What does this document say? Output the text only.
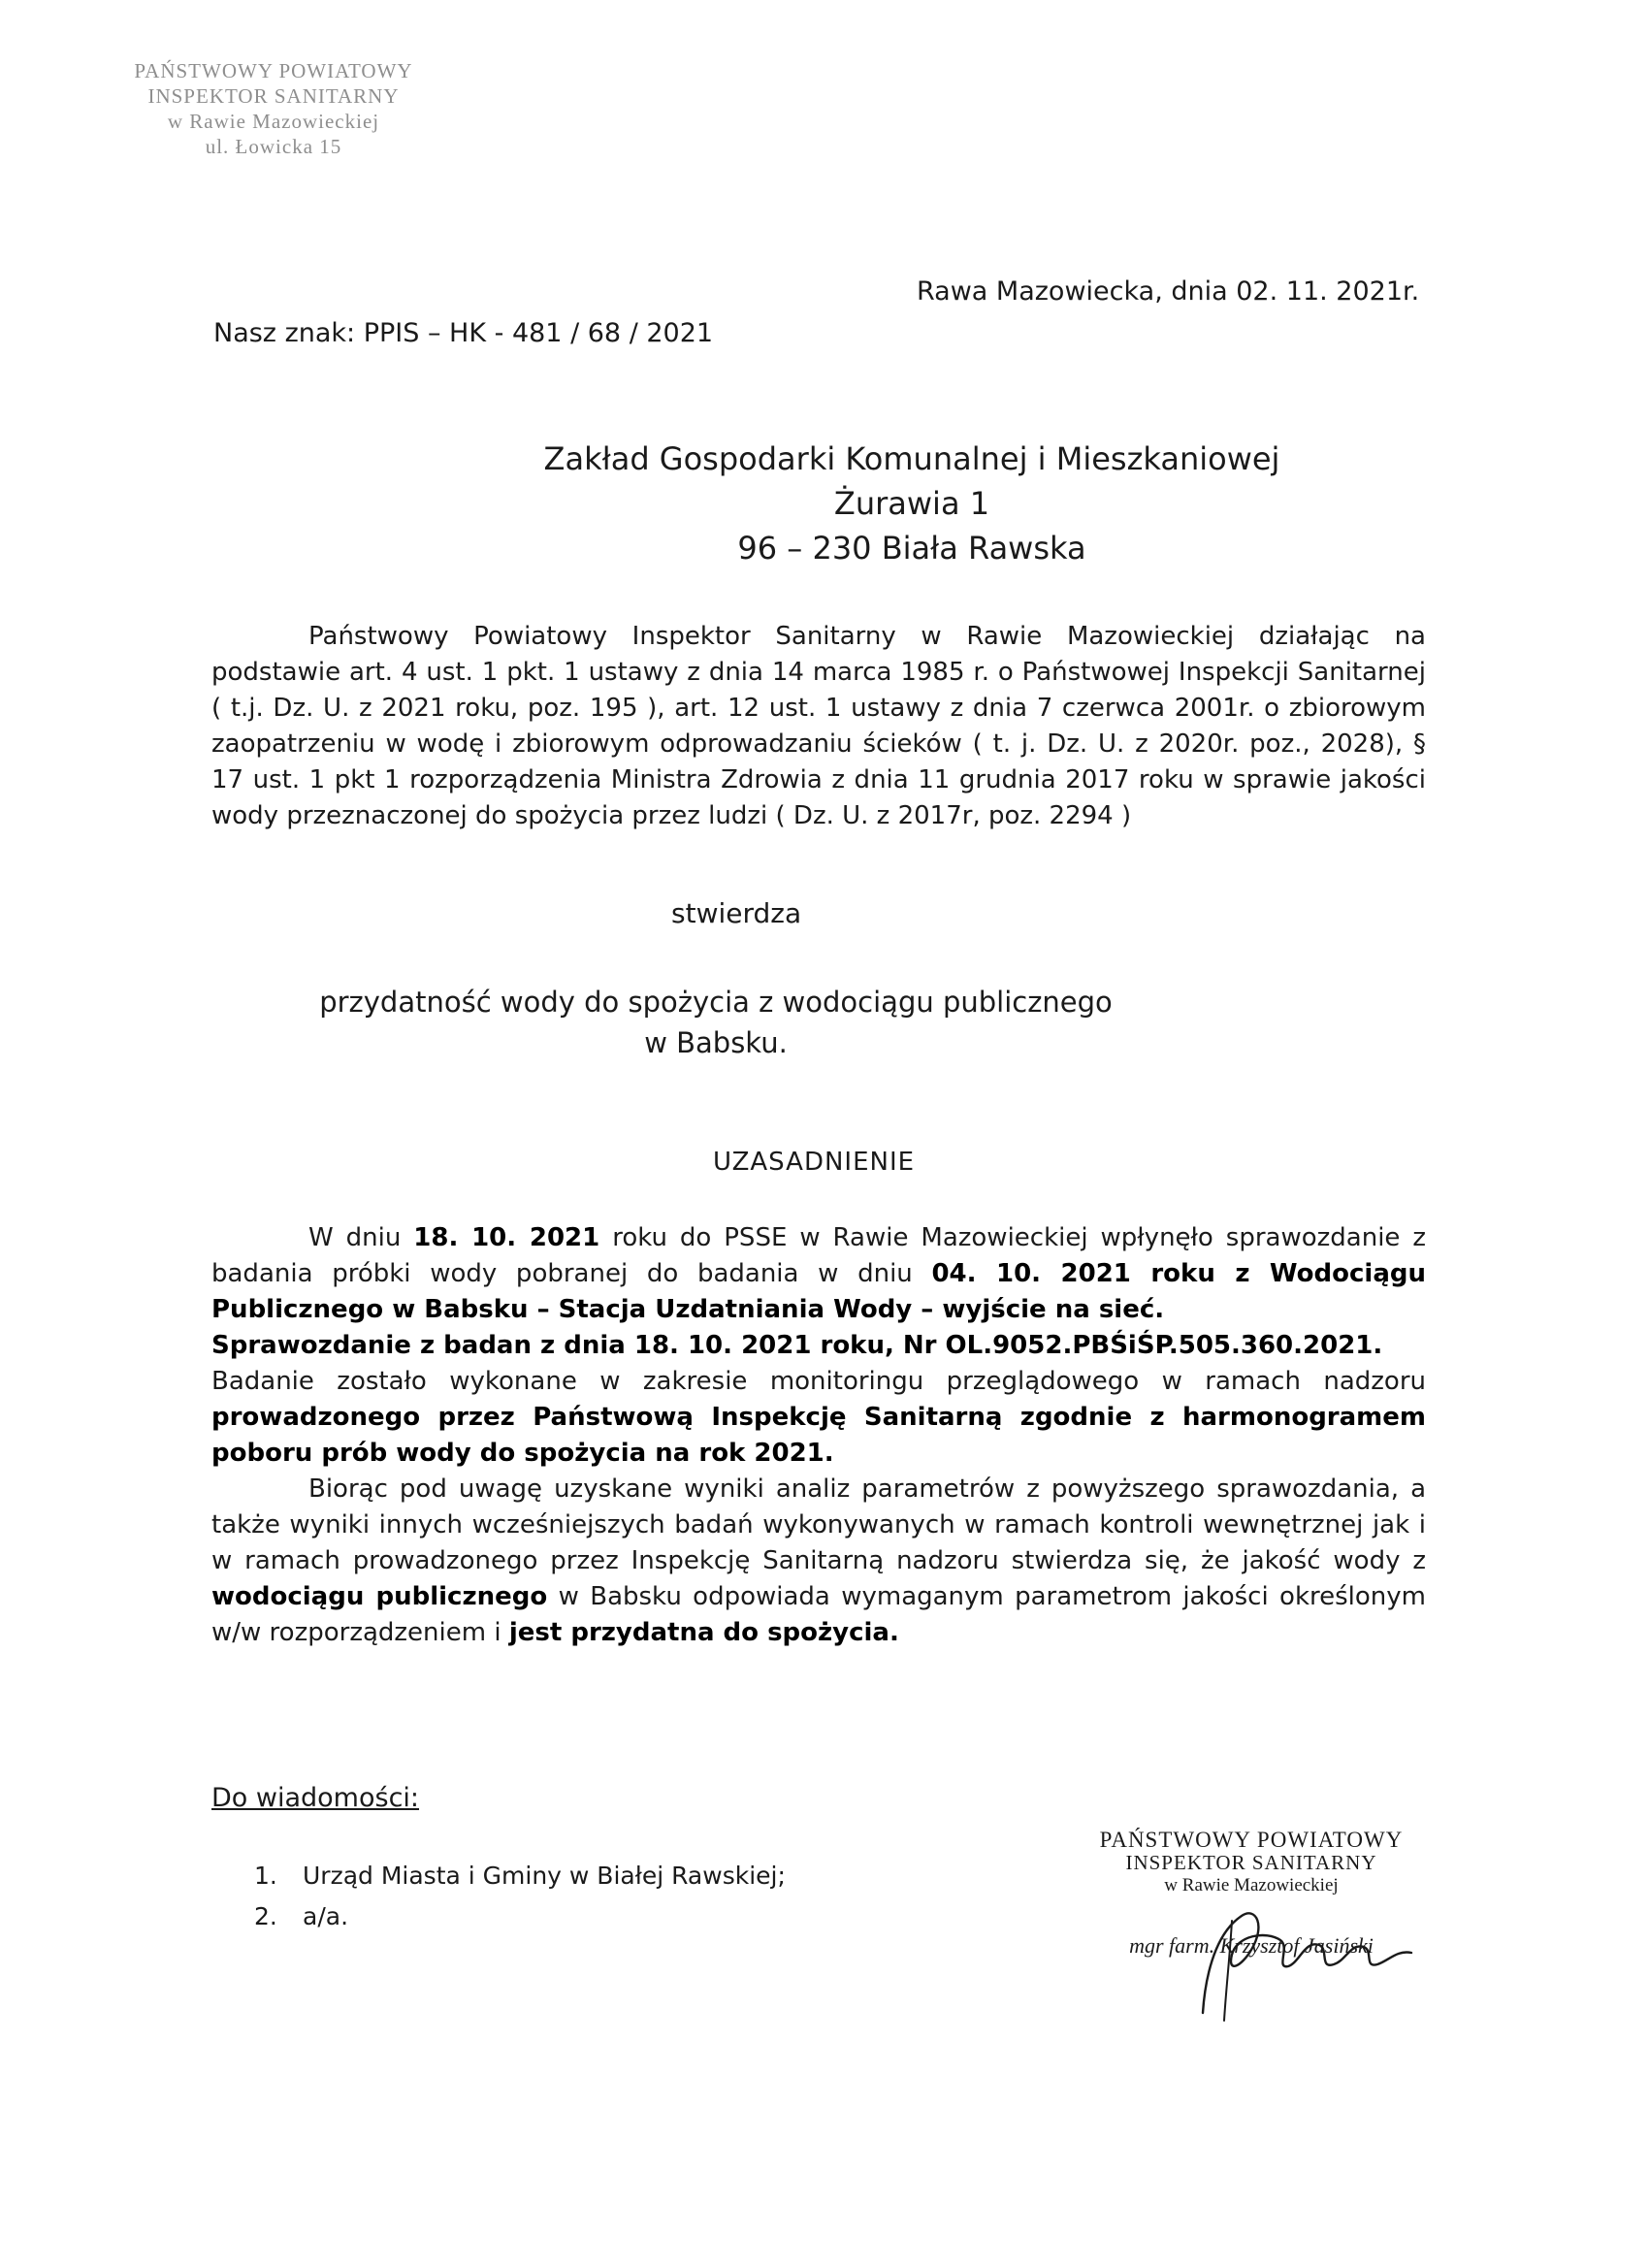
PAŃSTWOWY POWIATOWY
INSPEKTOR SANITARNY
w Rawie Mazowieckiej
ul. Łowicka 15
Rawa Mazowiecka, dnia 02. 11. 2021r.
Nasz znak: PPIS – HK - 481 / 68 / 2021
Zakład Gospodarki Komunalnej i Mieszkaniowej
Żurawia 1
96 – 230 Biała Rawska

Państwowy Powiatowy Inspektor Sanitarny w Rawie Mazowieckiej działając na podstawie art. 4 ust. 1 pkt. 1 ustawy z dnia 14 marca 1985 r. o Państwowej Inspekcji Sanitarnej ( t.j. Dz. U. z 2021 roku, poz. 195 ), art. 12 ust. 1 ustawy z dnia 7 czerwca 2001r. o zbiorowym zaopatrzeniu w wodę i zbiorowym odprowadzaniu ścieków ( t. j. Dz. U. z 2020r. poz., 2028), § 17 ust. 1 pkt 1 rozporządzenia Ministra Zdrowia z dnia 11 grudnia 2017 roku w sprawie jakości wody przeznaczonej do spożycia przez ludzi ( Dz. U. z 2017r, poz. 2294 )

stwierdza
przydatność wody do spożycia z wodociągu publicznego
w Babsku.
UZASADNIENIE

W dniu 18. 10. 2021 roku do PSSE w Rawie Mazowieckiej wpłynęło sprawozdanie z badania próbki wody pobranej do badania w dniu 04. 10. 2021 roku z Wodociągu Publicznego w Babsku – Stacja Uzdatniania Wody – wyjście na sieć.

Sprawozdanie z badan z dnia 18. 10. 2021 roku, Nr OL.9052.PBŚiŚP.505.360.2021.

Badanie zostało wykonane w zakresie monitoringu przeglądowego w ramach nadzoru prowadzonego przez Państwową Inspekcję Sanitarną zgodnie z harmonogramem poboru prób wody do spożycia na rok 2021.

Biorąc pod uwagę uzyskane wyniki analiz parametrów z powyższego sprawozdania, a także wyniki innych wcześniejszych badań wykonywanych w ramach kontroli wewnętrznej jak i w ramach prowadzonego przez Inspekcję Sanitarną nadzoru stwierdza się, że jakość wody z wodociągu publicznego w Babsku odpowiada wymaganym parametrom jakości określonym w/w rozporządzeniem i jest przydatna do spożycia.

Do wiadomości:
1. Urząd Miasta i Gminy w Białej Rawskiej;
2. a/a.
PAŃSTWOWY POWIATOWY
INSPEKTOR SANITARNY
w Rawie Mazowieckiej
mgr farm. Krzysztof Jasiński
